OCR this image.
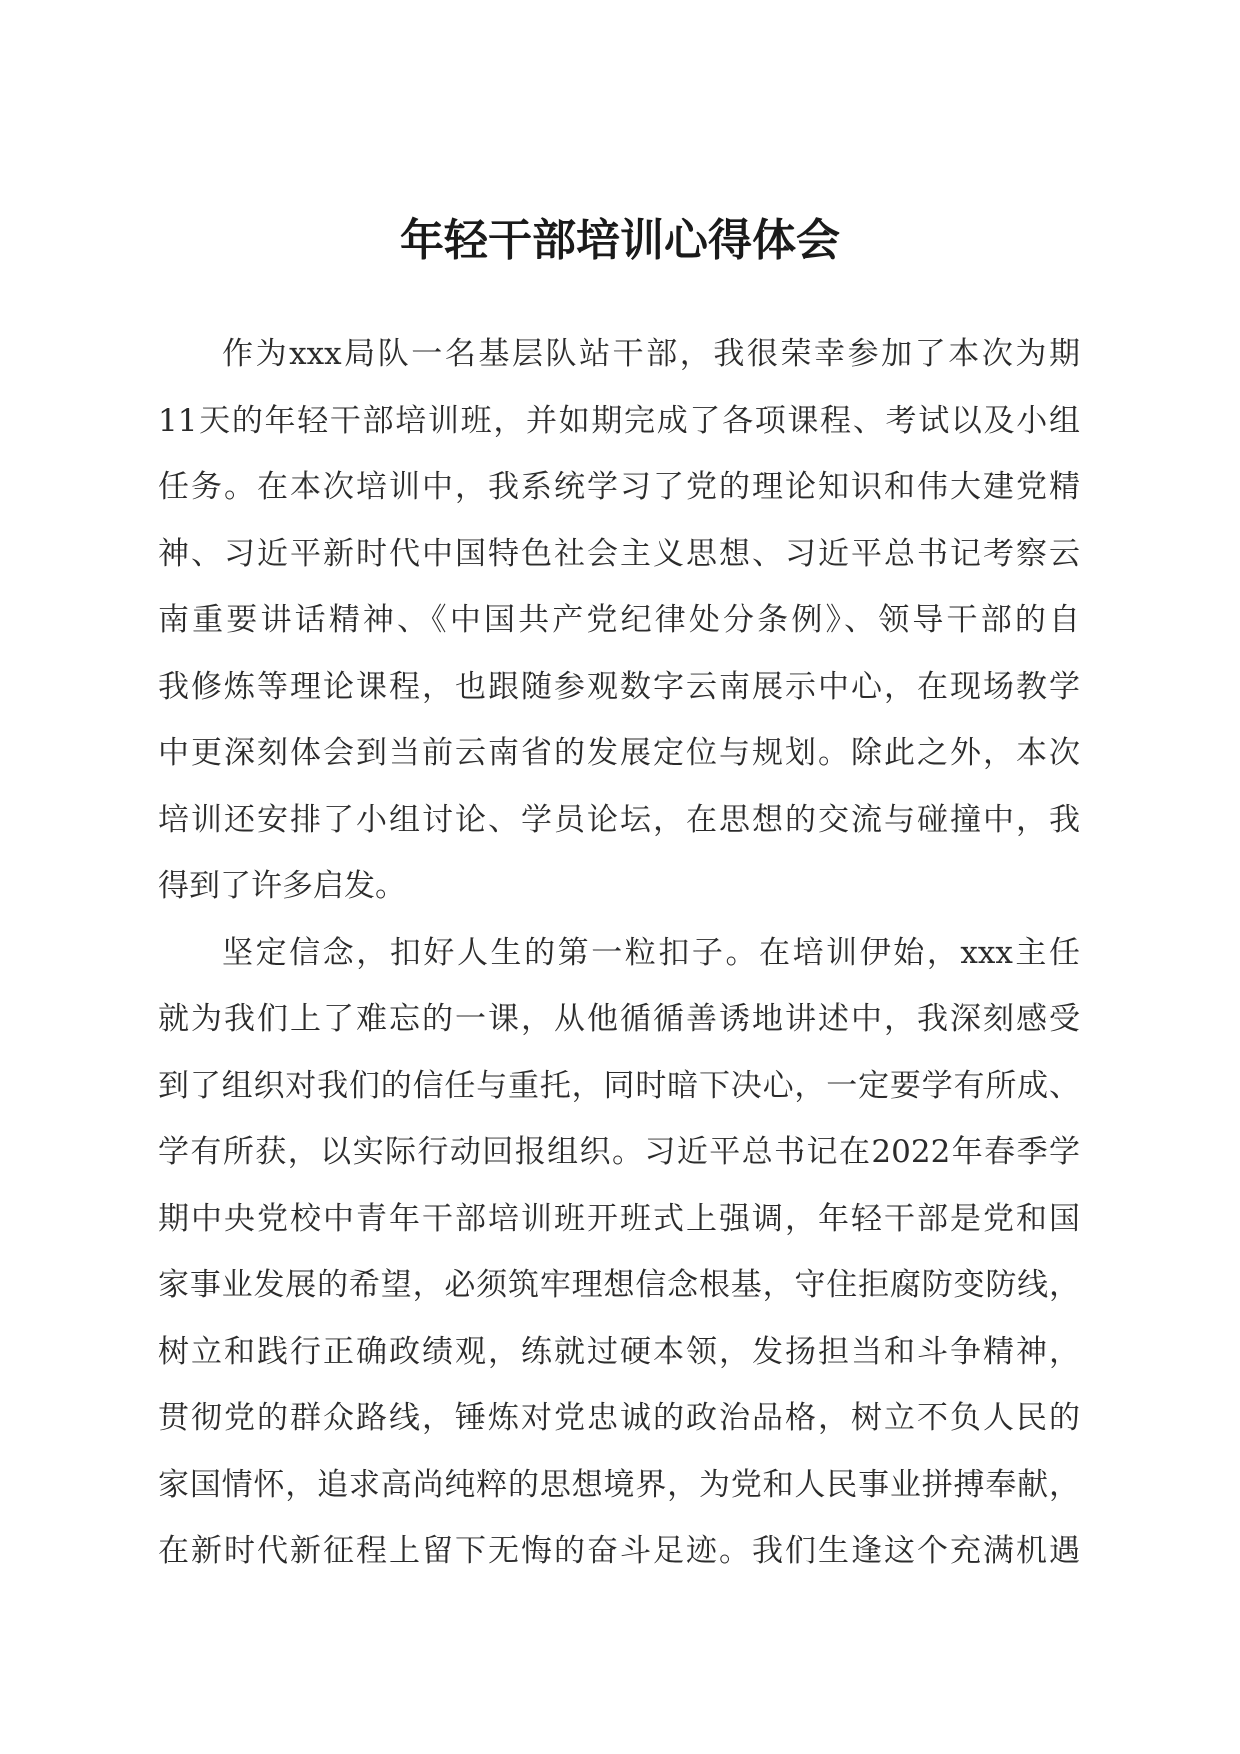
年轻干部培训心得体会

作为xxx局队一名基层队站干部，我很荣幸参加了本次为期
11天的年轻干部培训班，并如期完成了各项课程、考试以及小组
任务。在本次培训中，我系统学习了党的理论知识和伟大建党精
神、习近平新时代中国特色社会主义思想、习近平总书记考察云
南重要讲话精神、《中国共产党纪律处分条例》、领导干部的自
我修炼等理论课程，也跟随参观数字云南展示中心，在现场教学
中更深刻体会到当前云南省的发展定位与规划。除此之外，本次
培训还安排了小组讨论、学员论坛，在思想的交流与碰撞中，我
得到了许多启发。

坚定信念，扣好人生的第一粒扣子。在培训伊始，xxx主任
就为我们上了难忘的一课，从他循循善诱地讲述中，我深刻感受
到了组织对我们的信任与重托，同时暗下决心，一定要学有所成、
学有所获，以实际行动回报组织。习近平总书记在2022年春季学
期中央党校中青年干部培训班开班式上强调，年轻干部是党和国
家事业发展的希望，必须筑牢理想信念根基，守住拒腐防变防线，
树立和践行正确政绩观，练就过硬本领，发扬担当和斗争精神，
贯彻党的群众路线，锤炼对党忠诚的政治品格，树立不负人民的
家国情怀，追求高尚纯粹的思想境界，为党和人民事业拼搏奉献，
在新时代新征程上留下无悔的奋斗足迹。我们生逢这个充满机遇
